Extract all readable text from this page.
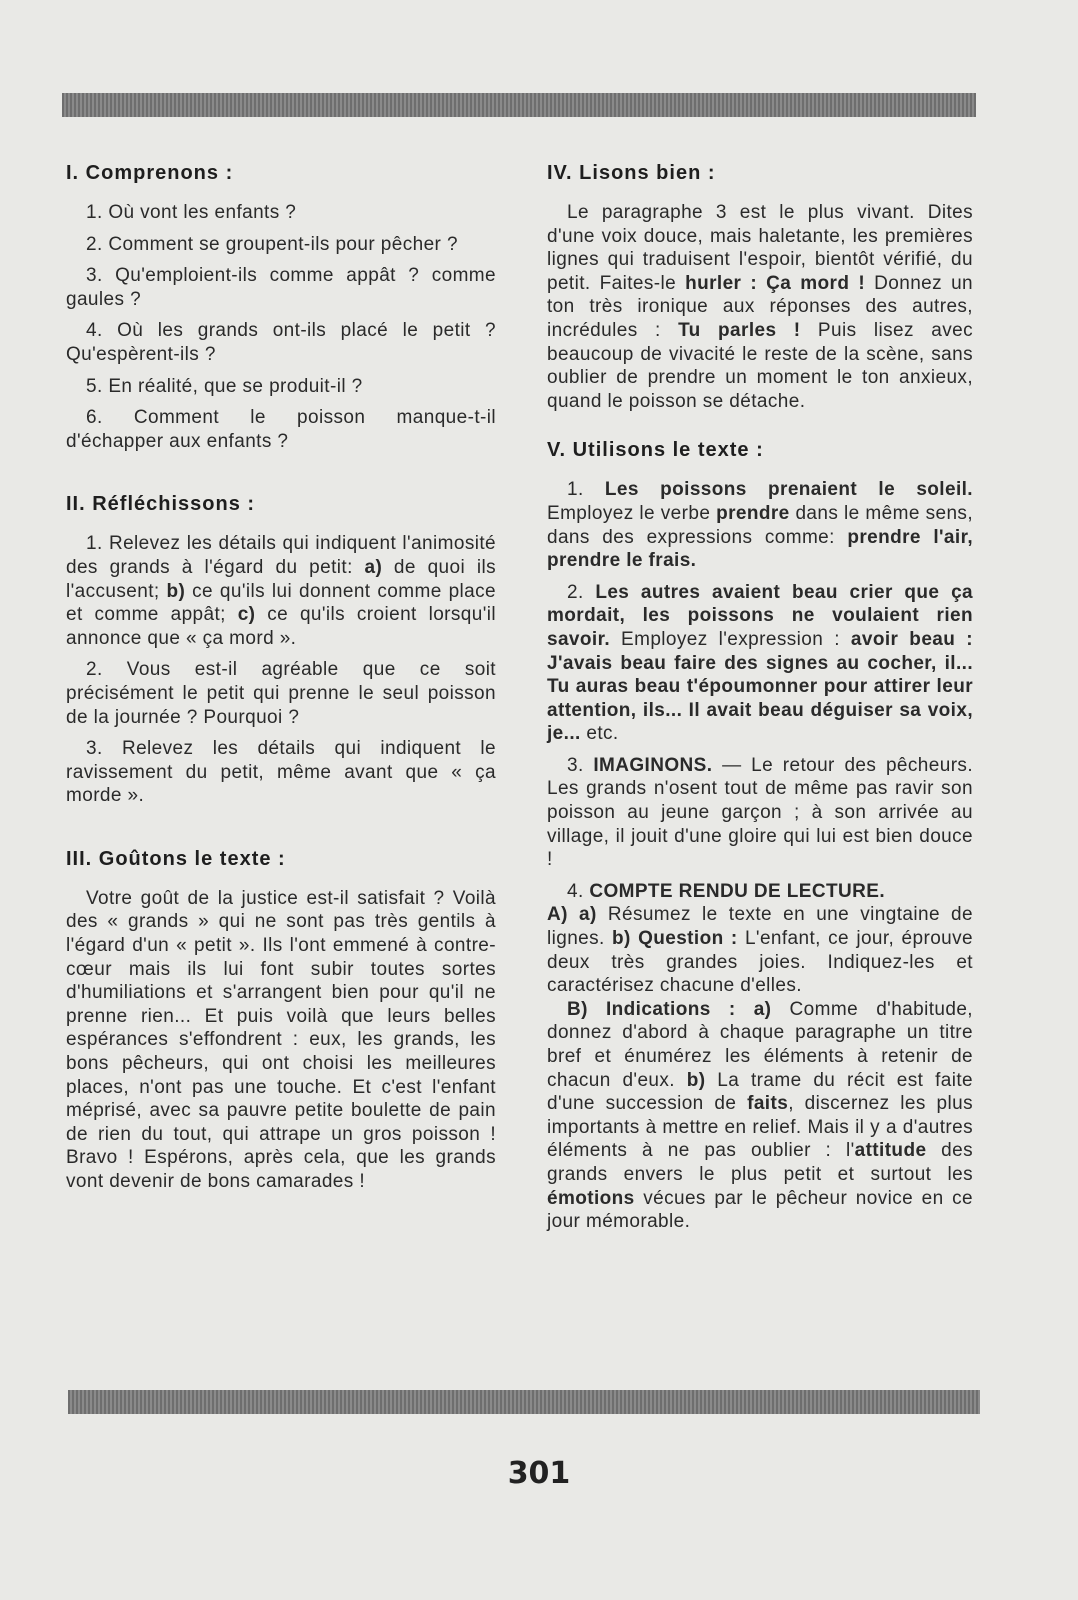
I. Comprenons :

1. Où vont les enfants ?

2. Comment se groupent-ils pour pêcher ?

3. Qu'emploient-ils comme appât ? comme gaules ?

4. Où les grands ont-ils placé le petit ? Qu'espèrent-ils ?

5. En réalité, que se produit-il ?

6. Comment le poisson manque-t-il d'échapper aux enfants ?

II. Réfléchissons :

1. Relevez les détails qui indiquent l'animosité des grands à l'égard du petit: a) de quoi ils l'accusent; b) ce qu'ils lui donnent comme place et comme appât; c) ce qu'ils croient lorsqu'il annonce que « ça mord ».

2. Vous est-il agréable que ce soit précisément le petit qui prenne le seul poisson de la journée ? Pourquoi ?

3. Relevez les détails qui indiquent le ravissement du petit, même avant que « ça morde ».

III. Goûtons le texte :

Votre goût de la justice est-il satisfait ? Voilà des « grands » qui ne sont pas très gentils à l'égard d'un « petit ». Ils l'ont emmené à contre-cœur mais ils lui font subir toutes sortes d'humiliations et s'arrangent bien pour qu'il ne prenne rien... Et puis voilà que leurs belles espérances s'effondrent : eux, les grands, les bons pêcheurs, qui ont choisi les meilleures places, n'ont pas une touche. Et c'est l'enfant méprisé, avec sa pauvre petite boulette de pain de rien du tout, qui attrape un gros poisson ! Bravo ! Espérons, après cela, que les grands vont devenir de bons camarades !

IV. Lisons bien :

Le paragraphe 3 est le plus vivant. Dites d'une voix douce, mais haletante, les premières lignes qui traduisent l'espoir, bientôt vérifié, du petit. Faites-le hurler : Ça mord ! Donnez un ton très ironique aux réponses des autres, incrédules : Tu parles ! Puis lisez avec beaucoup de vivacité le reste de la scène, sans oublier de prendre un moment le ton anxieux, quand le poisson se détache.

V. Utilisons le texte :

1. Les poissons prenaient le soleil. Employez le verbe prendre dans le même sens, dans des expressions comme: prendre l'air, prendre le frais.

2. Les autres avaient beau crier que ça mordait, les poissons ne voulaient rien savoir. Employez l'expression : avoir beau : J'avais beau faire des signes au cocher, il... Tu auras beau t'époumonner pour attirer leur attention, ils... Il avait beau déguiser sa voix, je... etc.

3. IMAGINONS. — Le retour des pêcheurs. Les grands n'osent tout de même pas ravir son poisson au jeune garçon ; à son arrivée au village, il jouit d'une gloire qui lui est bien douce !

4. COMPTE RENDU DE LECTURE.

A) a) Résumez le texte en une vingtaine de lignes. b) Question : L'enfant, ce jour, éprouve deux très grandes joies. Indiquez-les et caractérisez chacune d'elles.

B) Indications : a) Comme d'habitude, donnez d'abord à chaque paragraphe un titre bref et énumérez les éléments à retenir de chacun d'eux. b) La trame du récit est faite d'une succession de faits, discernez les plus importants à mettre en relief. Mais il y a d'autres éléments à ne pas oublier : l'attitude des grands envers le plus petit et surtout les émotions vécues par le pêcheur novice en ce jour mémorable.

301
